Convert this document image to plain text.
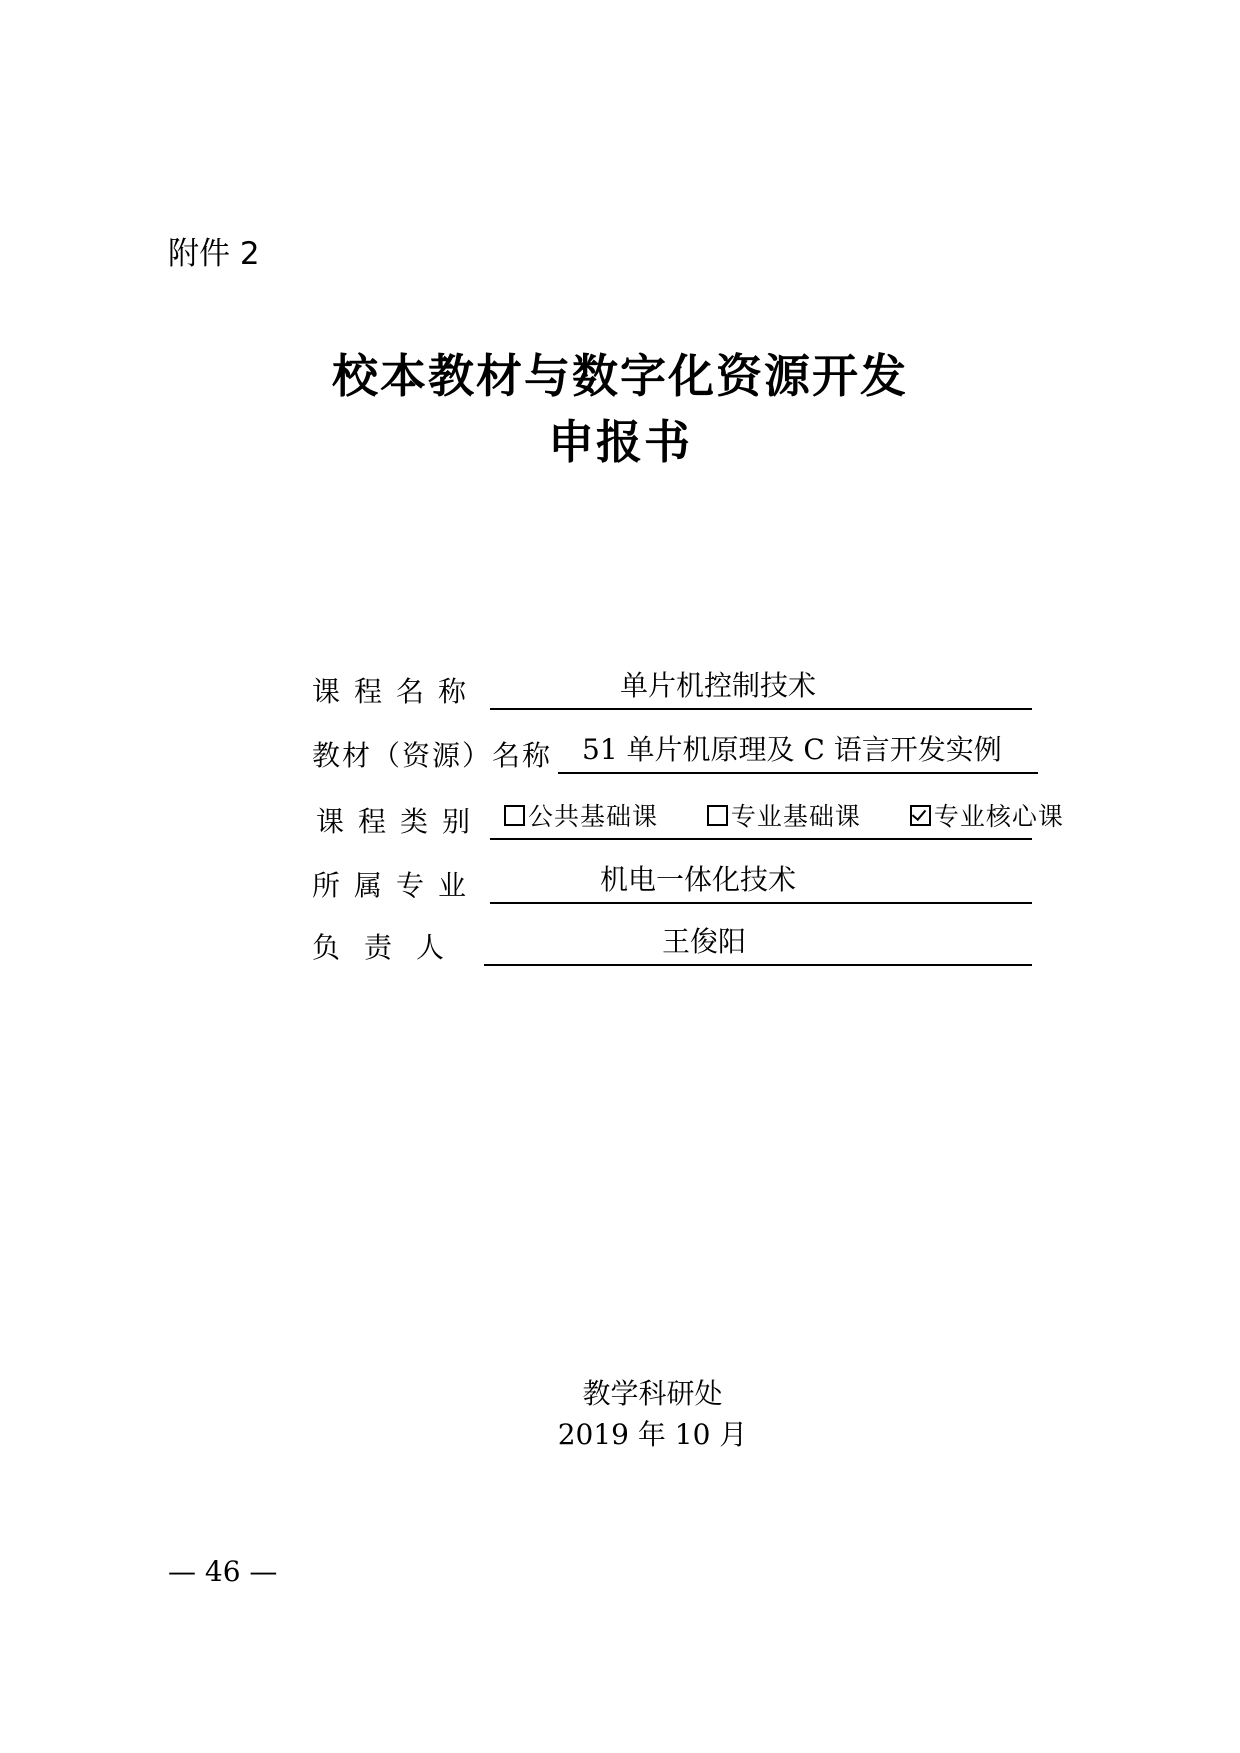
附件 2
校本教材与数字化资源开发
申报书
课程名称	单片机控制技术
教材（资源）名称 51 单片机原理及 C 语言开发实例
课程类别	公共基础课	专业基础课	专业核心课
所属专业	机电一体化技术
负责人	王俊阳
教学科研处
2019 年 10 月
— 46 —
